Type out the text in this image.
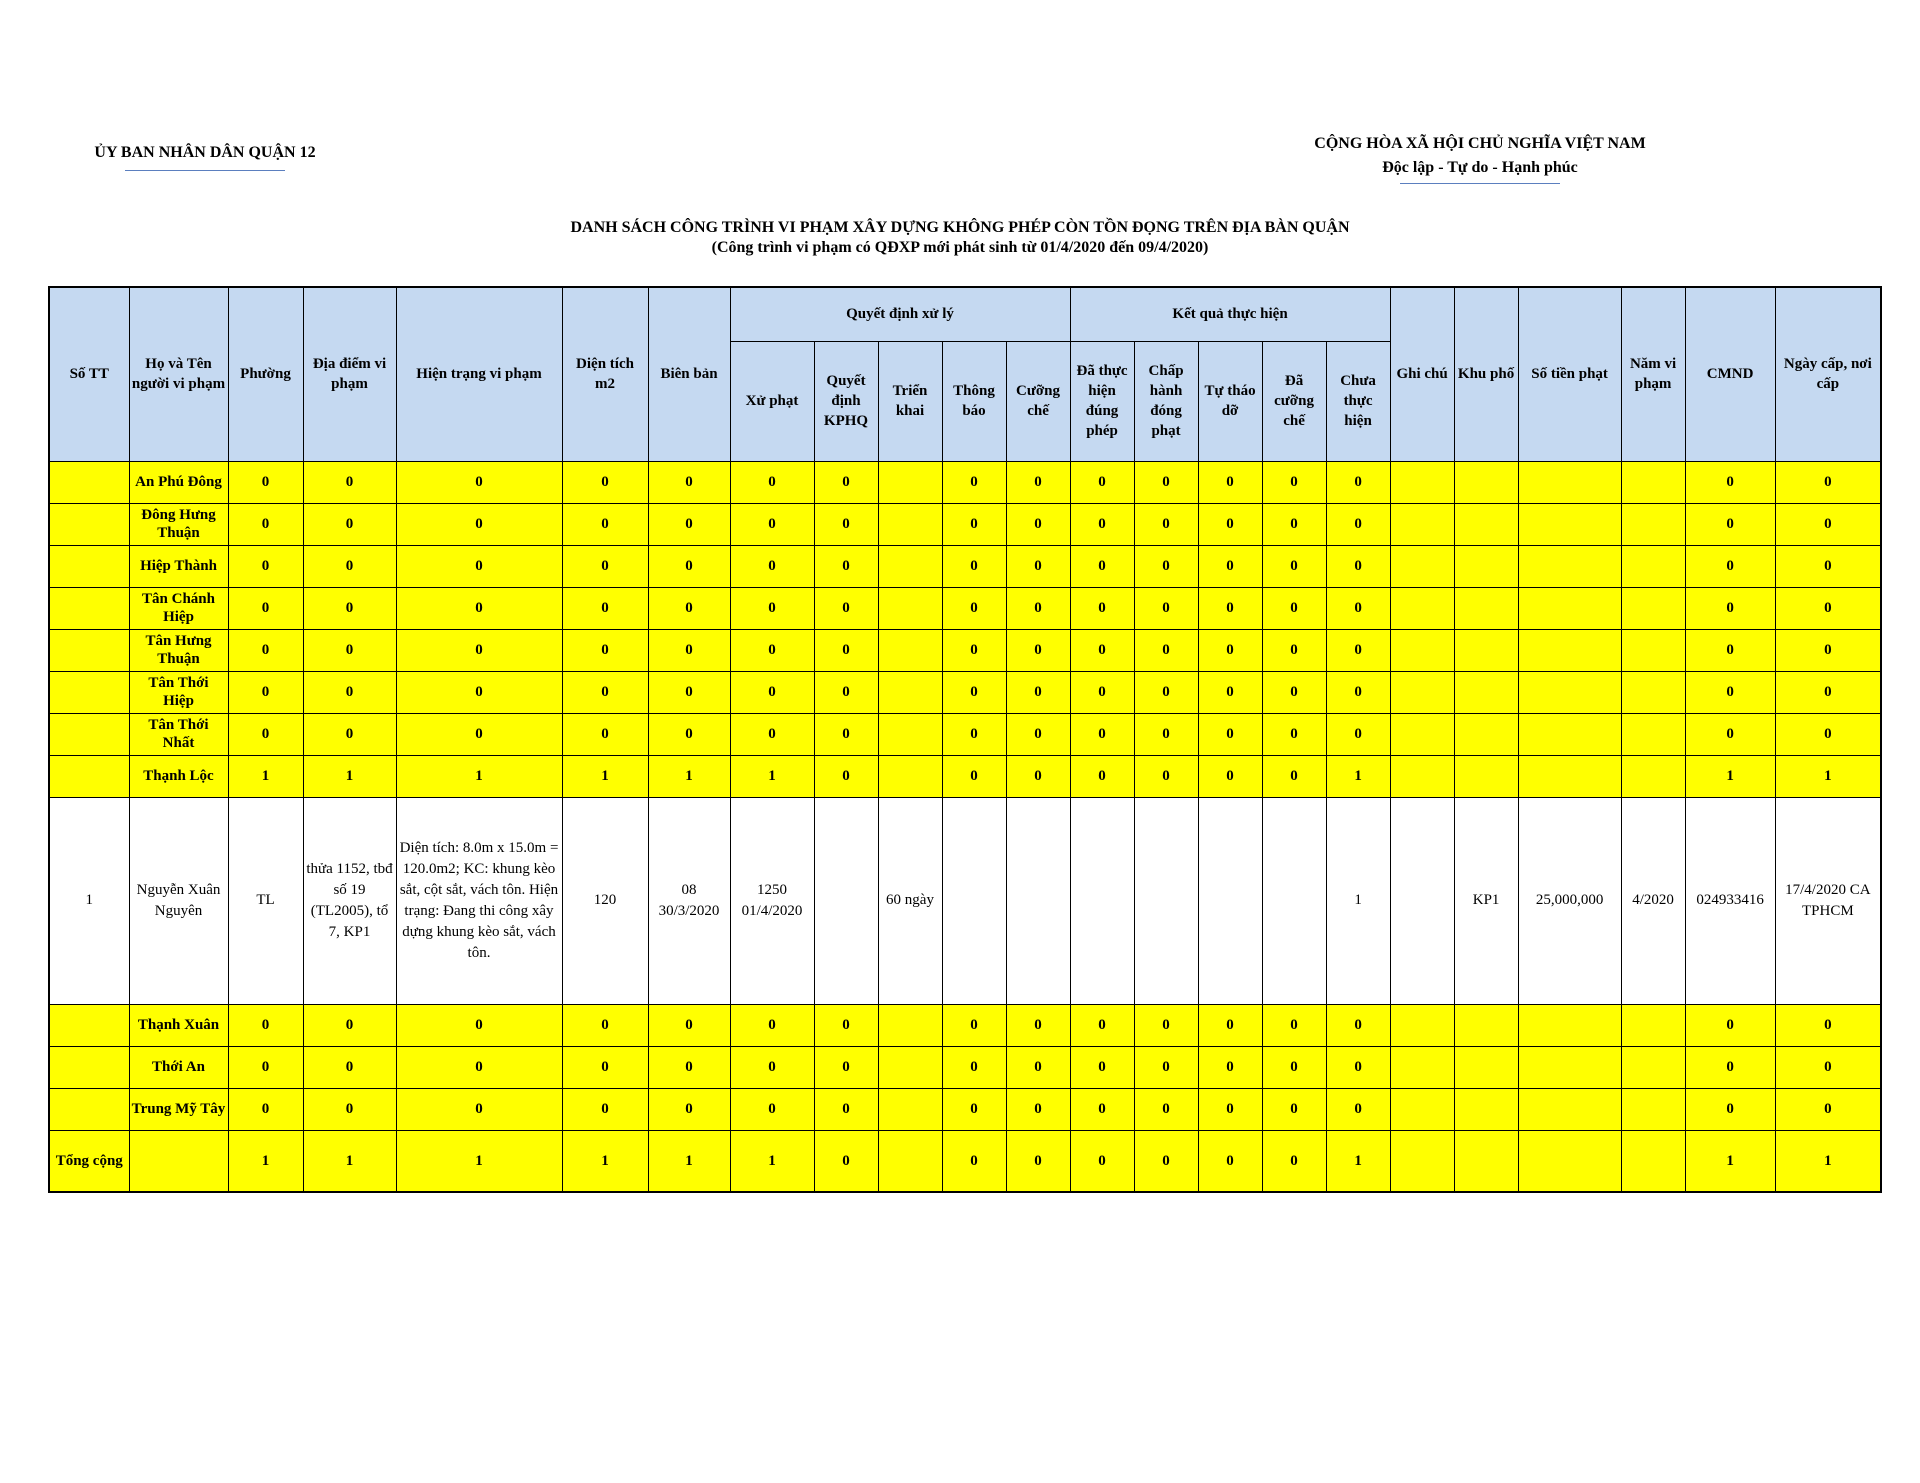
ỦY BAN NHÂN DÂN QUẬN 12
CỘNG HÒA XÃ HỘI CHỦ NGHĨA VIỆT NAM
Độc lập - Tự do - Hạnh phúc
DANH SÁCH CÔNG TRÌNH VI PHẠM XÂY DỰNG KHÔNG PHÉP CÒN TỒN ĐỌNG TRÊN ĐỊA BÀN QUẬN
(Công trình vi phạm có QĐXP mới phát sinh từ 01/4/2020 đến 09/4/2020)
Số TT	Họ và Tên người vi phạm	Phường	Địa điểm vi phạm	Hiện trạng vi phạm	Diện tích m2	Biên bản	Quyết định xử lý					Kết quả thực hiện					Ghi chú	Khu phố	Số tiền phạt	Năm vi phạm	CMND	Ngày cấp, nơi cấp
							Xử phạt	Quyết định KPHQ	Triển khai	Thông báo	Cưỡng chế	Đã thực hiện đúng phép	Chấp hành đóng phạt	Tự tháo dỡ	Đã cưỡng chế	Chưa thực hiện						
	An Phú Đông	0	0	0	0	0	0	0		0	0	0	0	0	0	0					0	0
	Đông Hưng Thuận	0	0	0	0	0	0	0		0	0	0	0	0	0	0					0	0
	Hiệp Thành	0	0	0	0	0	0	0		0	0	0	0	0	0	0					0	0
	Tân Chánh Hiệp	0	0	0	0	0	0	0		0	0	0	0	0	0	0					0	0
	Tân Hưng Thuận	0	0	0	0	0	0	0		0	0	0	0	0	0	0					0	0
	Tân Thới Hiệp	0	0	0	0	0	0	0		0	0	0	0	0	0	0					0	0
	Tân Thới Nhất	0	0	0	0	0	0	0		0	0	0	0	0	0	0					0	0
	Thạnh Lộc	1	1	1	1	1	1	0		0	0	0	0	0	0	1					1	1
1	Nguyễn Xuân Nguyên	TL	thửa 1152, tbđ số 19 (TL2005), tổ 7, KP1	Diện tích: 8.0m x 15.0m = 120.0m2; KC: khung kèo sắt, cột sắt, vách tôn. Hiện trạng: Đang thi công xây dựng khung kèo sắt, vách tôn.	120	08 30/3/2020	1250 01/4/2020		60 ngày							1		KP1	25,000,000	4/2020	024933416	17/4/2020 CA TPHCM
	Thạnh Xuân	0	0	0	0	0	0	0		0	0	0	0	0	0	0					0	0
	Thới An	0	0	0	0	0	0	0		0	0	0	0	0	0	0					0	0
	Trung Mỹ Tây	0	0	0	0	0	0	0		0	0	0	0	0	0	0					0	0
Tổng cộng		1	1	1	1	1	1	0		0	0	0	0	0	0	1					1	1
